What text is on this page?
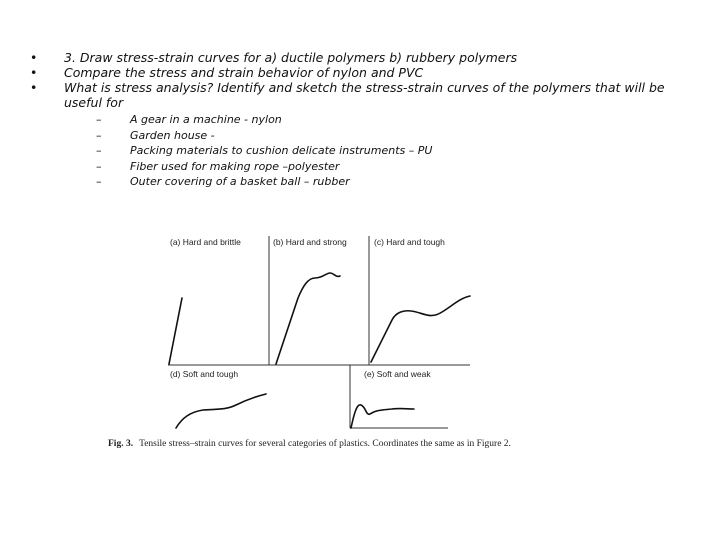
• 3. Draw stress-strain curves for a) ductile polymers b) rubbery polymers
• Compare the stress and strain behavior of nylon and PVC
• What is stress analysis? Identify and sketch the stress-strain curves of the polymers that will be useful for
–	A gear in a machine - nylon
–	Garden house -
–	Packing materials to cushion delicate instruments – PU
–	Fiber used for making rope –polyester
–	Outer covering of a basket ball – rubber
(a) Hard and brittle	(b) Hard and strong	(c) Hard and tough
(d) Soft and tough	(e) Soft and weak
Fig. 3. Tensile stress–strain curves for several categories of plastics. Coordinates the same as in Figure 2.
